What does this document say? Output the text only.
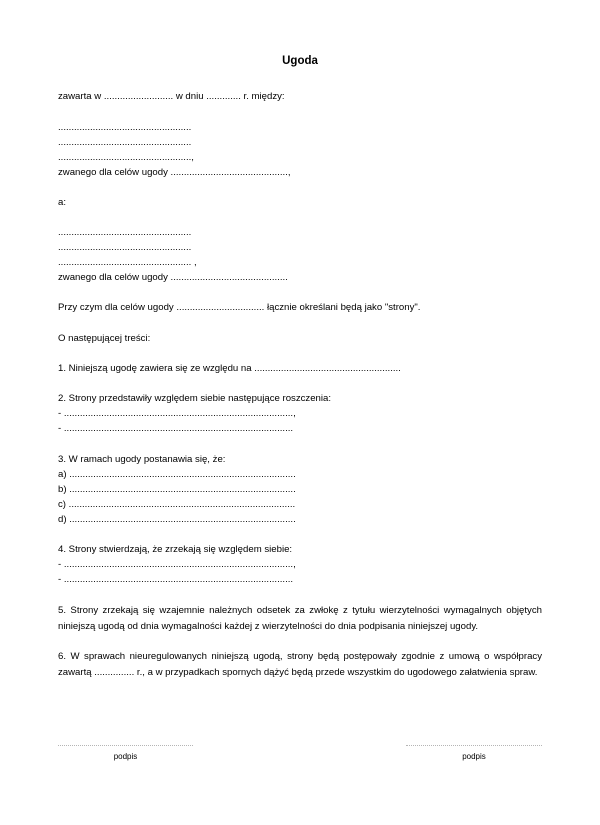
Ugoda
zawarta w .......................... w dniu ............. r. między:
..................................................
..................................................
..................................................,
zwanego dla celów ugody ............................................,
a:
..................................................
..................................................
.................................................. ,
zwanego dla celów ugody ............................................
Przy czym dla celów ugody ................................. łącznie określani będą jako "strony".
O następującej treści:
1. Niniejszą ugodę zawiera się ze względu na .......................................................
2. Strony przedstawiły względem siebie następujące roszczenia:
- ......................................................................................,
- ......................................................................................
3. W ramach ugody postanawia się, że:
a) .....................................................................................
b) .....................................................................................
c) .....................................................................................
d) .....................................................................................
4. Strony stwierdzają, że zrzekają się względem siebie:
- ......................................................................................,
- ......................................................................................
5. Strony zrzekają się wzajemnie należnych odsetek za zwłokę z tytułu wierzytelności wymagalnych objętych niniejszą ugodą od dnia wymagalności każdej z wierzytelności do dnia podpisania niniejszej ugody.
6. W sprawach nieuregulowanych niniejszą ugodą, strony będą postępowały zgodnie z umową o współpracy zawartą ............... r., a w przypadkach spornych dążyć będą przede wszystkim do ugodowego załatwienia spraw.
podpis	podpis
